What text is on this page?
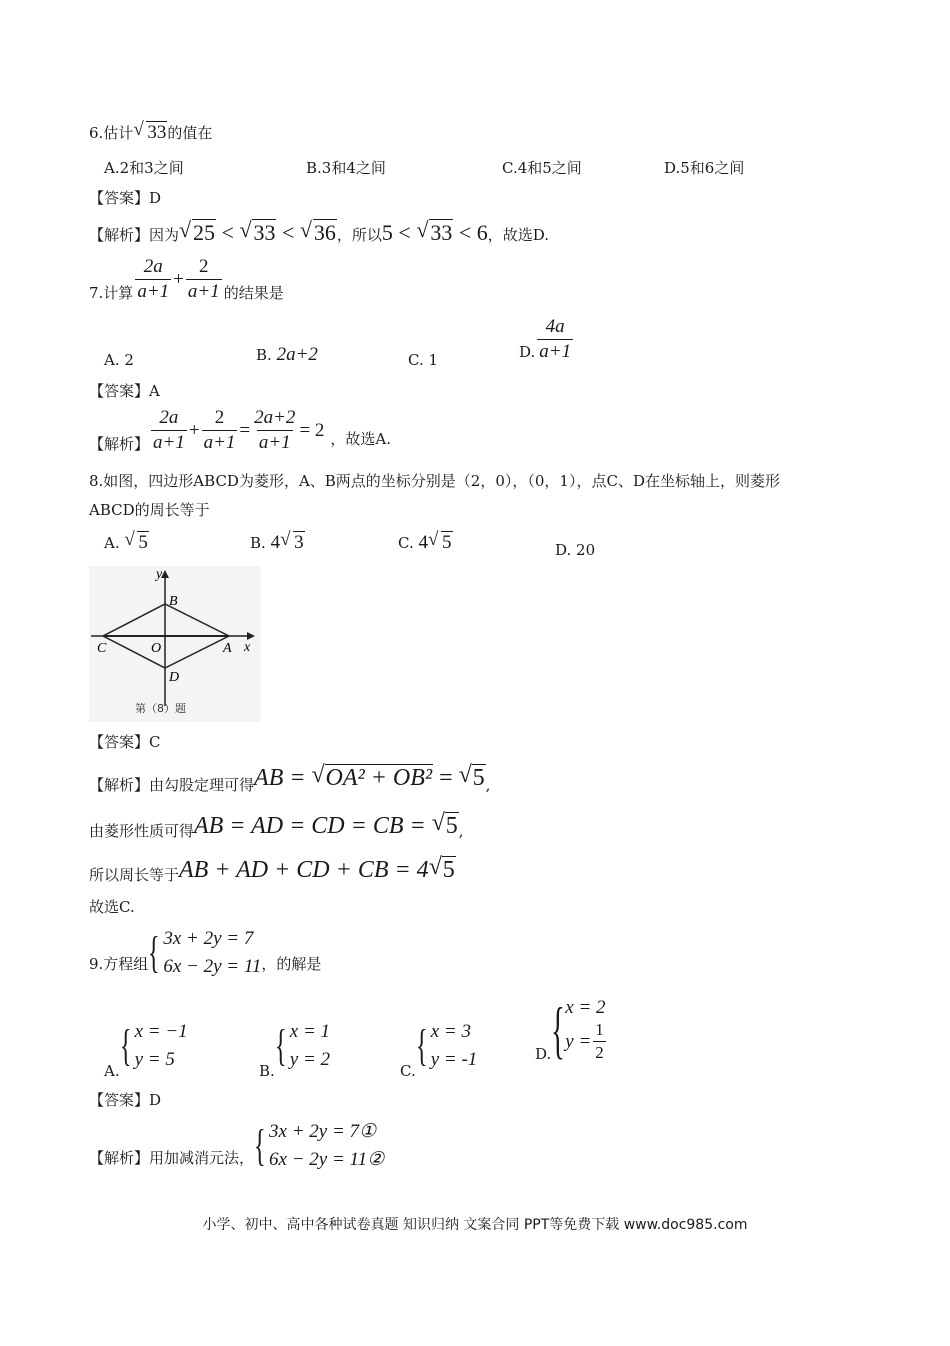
6.估计 √ 33的值在
A.2和3之间	B.3和4之间	C.4和5之间	D.5和6之间
【答案】D
【解析】因为 √ 25 < √ 33 < √ 36，所以5 < √ 33 < 6，故选D.
7.计算 $\frac{2a}{a+1} + \frac{2}{a+1}$ 的结果是
A. 2	B. 2a+2	C. 1	D. $\frac{4a}{a+1}$
【答案】A
【解析】 $\frac{2a}{a+1} + \frac{2}{a+1} = \frac{2a+2}{a+1}$ =
2 ，故选A.
8.如图，四边形ABCD为菱形，A、B两点的坐标分别是（2，0），（0，1），点C、D在坐标轴上，则菱形
ABCD的周长等于
A. √ 5	B. 4 √ 3	C. 4 √ 5	D. 20
y
x
B
O
C	A
D
第（8）题
【答案】C
【解析】 由勾股定理可得 AB = √ OA² + OB² = √ 5 ,
由菱形性质可得 AB = AD = CD = CB = √ 5 ,
所以周长等于 AB + AD + CD + CB = 4 √ 5
故选C.
9.方程组 { 3x + 2y = 7
6x − 2y = 11 ，的解是
A.
{ x = −1
y = 5
B.
{ x = 1
y = 2
C.
{ x = 3
y = -1	D. { x = 2
$y = \frac{1}{2}$
【答案】D
【解析】 用加减消元法， { 3x + 2y = 7①
6x − 2y = 11②
小学、初中、高中各种试卷真题 知识归纳 文案合同 PPT等免费下载 www.doc985.com
